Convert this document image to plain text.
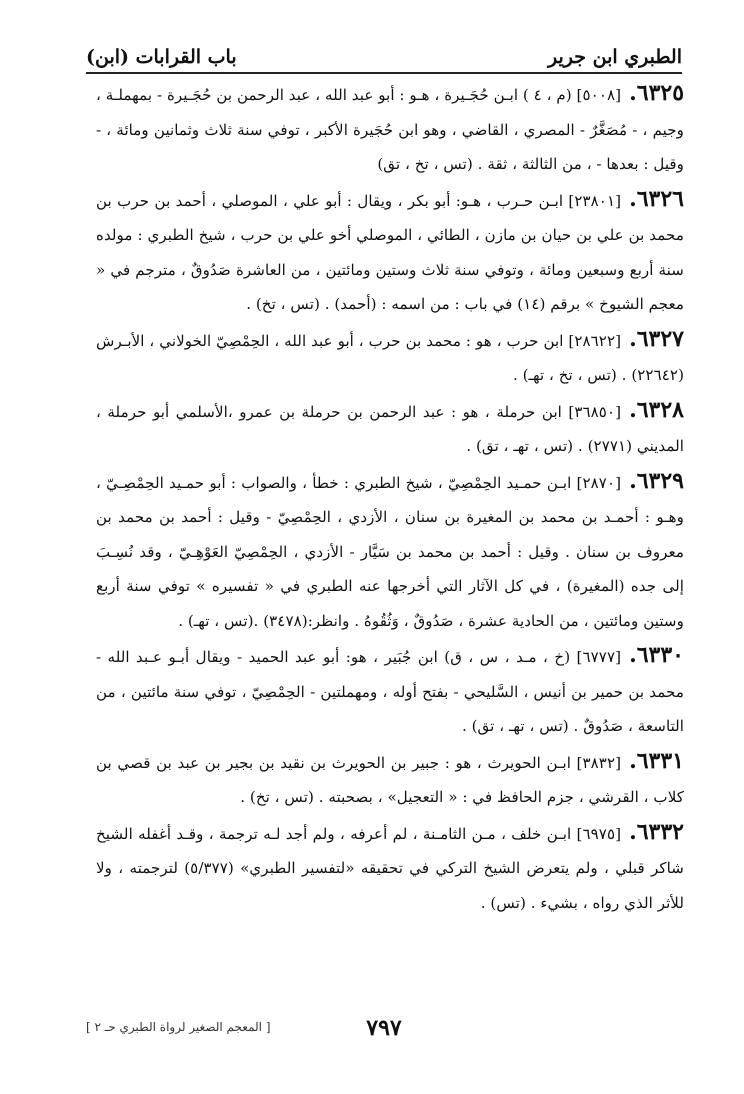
الطبري ابن جرير
باب القرابات (ابن)

٦٣٢٥.[٥٠٠٨] (م ، ٤ ) ابـن حُجَـيرة ، هـو : أبو عبد الله ، عبد الرحمن بن حُجَـيرة - بمهملـة ، وجيم ، - مُصَغَّرٌ - المصري ، القاضي ، وهو ابن حُجَيرة الأكبر ، توفي سنة ثلاث وثمانين ومائة ، - وقيل : بعدها - ، من الثالثة ، ثقة . (تس ، تخ ، تق)

٦٣٢٦.[٢٣٨٠١] ابـن حـرب ، هـو: أبو بكر ، ويقال : أبو علي ، الموصلي ، أحمد بن حرب بن محمد بن علي بن حيان بن مازن ، الطائي ، الموصلي أخو علي بن حرب ، شيخ الطبري : مولده سنة أربع وسبعين ومائة ، وتوفي سنة ثلاث وستين ومائتين ، من العاشرة صَدُوقٌ ، مترجم في « معجم الشيوخ » برقم (١٤) في باب : من اسمه : (أحمد) . (تس ، تخ) .

٦٣٢٧.[٢٨٦٢٢] ابن حرب ، هو : محمد بن حرب ، أبو عبد الله ، الحِمْصِيّ الخولاني ، الأبـرش (٢٢٦٤٢) . (تس ، تخ ، تهـ) .

٦٣٢٨.[٣٦٨٥٠] ابن حرملة ، هو : عبد الرحمن بن حرملة بن عمرو ،الأسلمي أبو حرملة ، المديني (٢٧٧١) . (تس ، تهـ ، تق) .

٦٣٢٩.[٢٨٧٠] ابـن حمـيد الحِمْصِيّ ، شيخ الطبري : خطأ ، والصواب : أبو حمـيد الحِمْصِـيّ ، وهـو : أحمـد بن محمد بن المغيرة بن سنان ، الأزدي ، الحِمْصِيّ - وقيل : أحمد بن محمد بن معروف بن سنان . وقيل : أحمد بن محمد بن سَيَّار - الأزدي ، الحِمْصِيّ العَوْهِـيّ ، وقد نُسِـبَ إلى جده (المغيرة) ، في كل الآثار التي أخرجها عنه الطبري في « تفسيره » توفي سنة أربع وستين ومائتين ، من الحادية عشرة ، صَدُوقٌ ، وَثُقُوهُ . وانظر:(٣٤٧٨) .(تس ، تهـ) .

٦٣٣٠.[٦٧٧٧] (خ ، مـد ، س ، ق) ابن جُبَير ، هو: أبو عبد الحميد - ويقال أبـو عـبد الله - محمد بن حمير بن أنيس ، السَّليحي - بفتح أوله ، ومهملتين - الحِمْصِيّ ، توفي سنة مائتين ، من التاسعة ، صَدُوقٌ . (تس ، تهـ ، تق) .

٦٣٣١.[٣٨٣٢] ابـن الحويرث ، هو : جبير بن الحويرث بن نقيد بن بجير بن عبد بن قصي بن كلاب ، القرشي ، جزم الحافظ في : « التعجيل» ، بصحبته . (تس ، تخ) .

٦٣٣٢.[٦٩٧٥] ابـن خلف ، مـن الثامـنة ، لم أعرفه ، ولم أجد لـه ترجمة ، وقـد أغفله الشيخ شاكر قبلي ، ولم يتعرض الشيخ التركي في تحقيقه «لتفسير الطبري» (٥/٣٧٧) لترجمته ، ولا للأثر الذي رواه ، بشيء . (تس) .

٧٩٧
[ المعجم الصغير لرواة الطبري حـ ٢ ]
